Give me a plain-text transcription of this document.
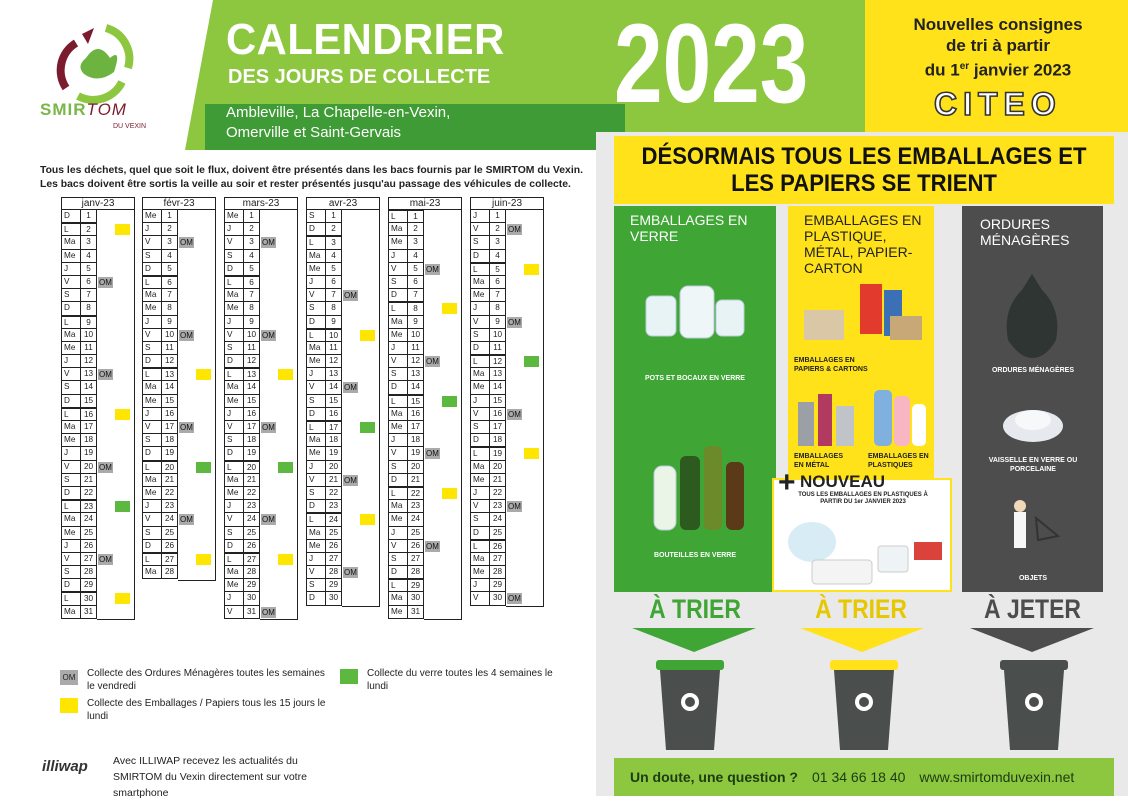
SMIRTOM
DU VEXIN
CALENDRIER
DES JOURS DE COLLECTE
Ambleville, La Chapelle-en-Vexin,
Omerville et Saint-Gervais
2023	Nouvelles consignes
de tri à partir
du 1er janvier 2023
CITEO
Tous les déchets, quel que soit le flux, doivent être présentés dans les bacs fournis par le SMIRTOM du Vexin. Les bacs doivent être sortis la veille au soir et rester présentés jusqu'au passage des véhicules de collecte.
janv-23
D	1
L	2
Ma	3
Me	4
J	5
V	6	OM
S	7
D	8
L	9
Ma	10
Me	11
J	12
V	13 OM
S	14
D	15
L	16
Ma	17
Me	18
J	19
V	20 OM
S	21
D	22
L	23
Ma	24
Me	25
J	26
V	27 OM
S	28
D	29
L	30
Ma	31
févr-23
Me	1
J	2
V	3	OM
S	4
D	5
L	6
Ma	7
Me	8
J	9
V	10 OM
S	11
D	12
L	13
Ma	14
Me	15
J	16
V	17 OM
S	18
D	19
L	20
Ma	21
Me	22
J	23
V	24 OM
S	25
D	26
L	27
Ma	28
mars-23
Me	1
J	2
V	3	OM
S	4
D	5
L	6
Ma	7
Me	8
J	9
V	10 OM
S	11
D	12
L	13
Ma	14
Me	15
J	16
V	17 OM
S	18
D	19
L	20
Ma	21
Me	22
J	23
V	24 OM
S	25
D	26
L	27
Ma	28
Me	29
J	30
V	31 OM
avr-23
S	1
D	2
L	3
Ma	4
Me	5
J	6
V	7	OM
S	8
D	9
L	10
Ma	11
Me	12
J	13
V	14 OM
S	15
D	16
L	17
Ma	18
Me	19
J	20
V	21 OM
S	22
D	23
L	24
Ma	25
Me	26
J	27
V	28 OM
S	29
D	30
mai-23
L	1
Ma	2
Me	3
J	4
V	5	OM
S	6
D	7
L	8
Ma	9
Me	10
J	11
V	12 OM
S	13
D	14
L	15
Ma	16
Me	17
J	18
V	19 OM
S	20
D	21
L	22
Ma	23
Me	24
J	25
V	26 OM
S	27
D	28
L	29
Ma	30
Me	31
juin-23
J	1
V	2	OM
S	3
D	4
L	5
Ma	6
Me	7
J	8
V	9	OM
S	10
D	11
L	12
Ma	13
Me	14
J	15
V	16 OM
S	17
D	18
L	19
Ma	20
Me	21
J	22
V	23 OM
S	24
D	25
L	26
Ma	27
Me	28
J	29
V	30 OM
OM Collecte des Ordures Ménagères toutes les semaines le vendredi
Collecte des Emballages / Papiers tous les 15 jours le lundi
Collecte du verre toutes les 4 semaines le lundi
illiwap Avec ILLIWAP recevez les actualités du SMIRTOM du Vexin directement sur votre smartphone
DÉSORMAIS TOUS LES EMBALLAGES ET LES PAPIERS SE TRIENT
EMBALLAGES EN VERRE
POTS ET BOCAUX EN VERRE
BOUTEILLES EN VERRE
EMBALLAGES EN PLASTIQUE, MÉTAL, PAPIER-CARTON
EMBALLAGES EN PAPIERS & CARTONS
EMBALLAGES EN MÉTAL
EMBALLAGES EN PLASTIQUES
+ NOUVEAU
TOUS LES EMBALLAGES EN PLASTIQUES À PARTIR DU 1er JANVIER 2023
ORDURES MÉNAGÈRES
ORDURES MÉNAGÈRES
VAISSELLE EN VERRE OU PORCELAINE
OBJETS
À TRIER	À TRIER	À JETER
Un doute, une question ? 01 34 66 18 40 www.smirtomduvexin.net
